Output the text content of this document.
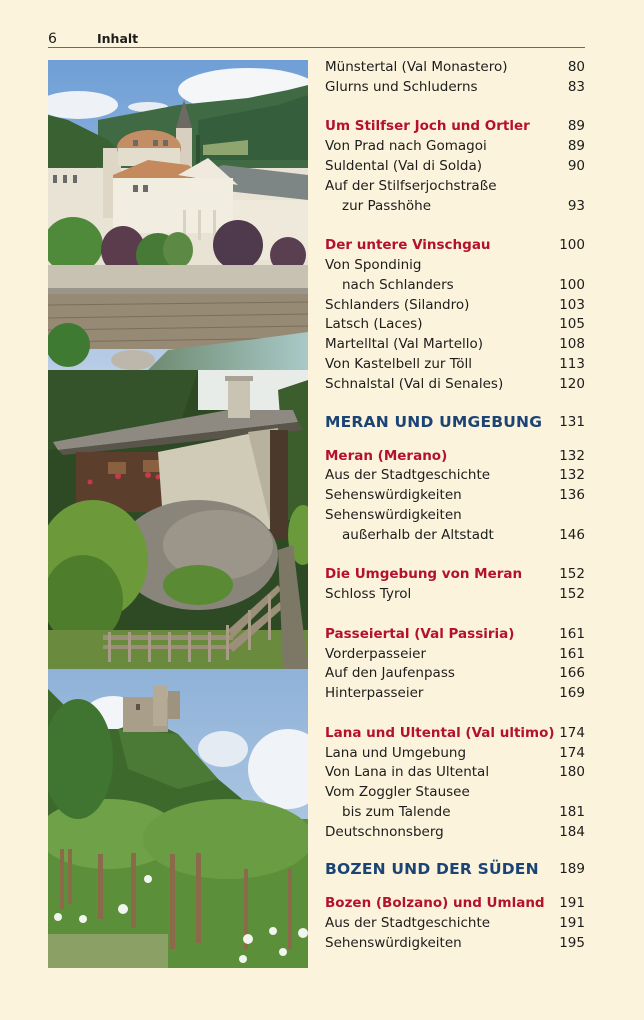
6	Inhalt
Münstertal (Val Monastero)	80
Glurns und Schluderns	83
Um Stilfser Joch und Ortler	89
Von Prad nach Gomagoi	89
Suldental (Val di Solda)	90
Auf der Stilfserjochstraße
zur Passhöhe	93
Der untere Vinschgau	100
Von Spondinig
nach Schlanders	100
Schlanders (Silandro)	103
Latsch (Laces)	105
Martelltal (Val Martello)	108
Von Kastelbell zur Töll	113
Schnalstal (Val di Senales)	120
MERAN UND UMGEBUNG 131
Meran (Merano)	132
Aus der Stadtgeschichte	132
Sehenswürdigkeiten	136
Sehenswürdigkeiten
außerhalb der Altstadt	146
Die Umgebung von Meran	152
Schloss Tyrol	152
Passeiertal (Val Passiria)	161
Vorderpasseier	161
Auf den Jaufenpass	166
Hinterpasseier	169
Lana und Ultental (Val ultimo) 174
Lana und Umgebung	174
Von Lana in das Ultental	180
Vom Zoggler Stausee
bis zum Talende	181
Deutschnonsberg	184
BOZEN UND DER SÜDEN 189
Bozen (Bolzano) und Umland 191
Aus der Stadtgeschichte	191
Sehenswürdigkeiten	195
